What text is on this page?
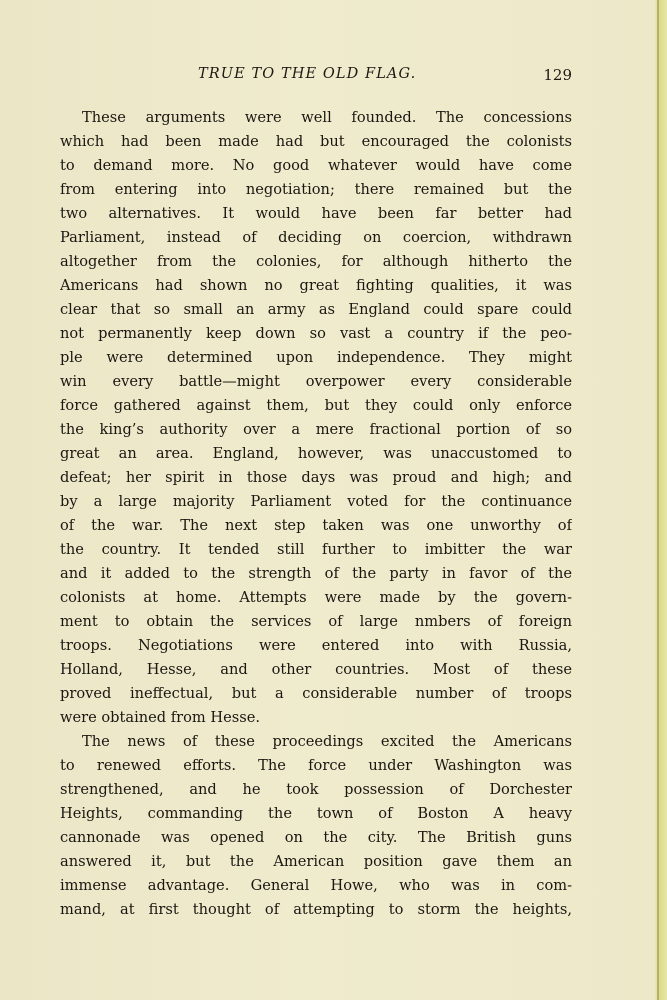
TRUE TO THE OLD FLAG.	129
These arguments were well founded. The concessions
which had been made had but encouraged the colonists
to demand more. No good whatever would have come
from entering into negotiation; there remained but the
two alternatives. It would have been far better had
Parliament, instead of deciding on coercion, withdrawn
altogether from the colonies, for although hitherto the
Americans had shown no great fighting qualities, it was
clear that so small an army as England could spare could
not permanently keep down so vast a country if the peo-
ple were determined upon independence. They might
win every battle—might overpower every considerable
force gathered against them, but they could only enforce
the king’s authority over a mere fractional portion of so
great an area. England, however, was unaccustomed to
defeat; her spirit in those days was proud and high; and
by a large majority Parliament voted for the continuance
of the war. The next step taken was one unworthy of
the country. It tended still further to imbitter the war
and it added to the strength of the party in favor of the
colonists at home. Attempts were made by the govern-
ment to obtain the services of large nmbers of foreign
troops. Negotiations were entered into with Russia,
Holland, Hesse, and other countries. Most of these
proved ineffectual, but a considerable number of troops
were obtained from Hesse.
The news of these proceedings excited the Americans
to renewed efforts. The force under Washington was
strengthened, and he took possession of Dorchester
Heights, commanding the town of Boston A heavy
cannonade was opened on the city. The British guns
answered it, but the American position gave them an
immense advantage. General Howe, who was in com-
mand, at first thought of attempting to storm the heights,
